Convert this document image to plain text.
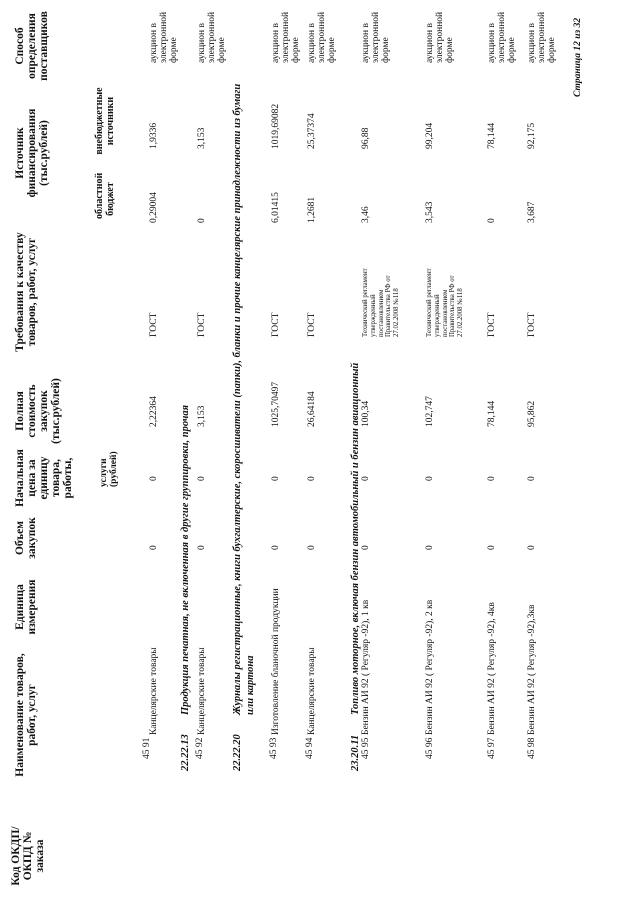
Код ОКДП/ ОКПД № заказа
Наименование товаров, работ, услуг
Единица измерения
Объем закупок
Начальная цена за единицу товара, работы,	услуги (рублей)
Полная стоимость закупок (тыс.рублей)
Требования к качеству товаров, работ, услуг
Источник финансирования (тыс.рублей)
областной бюджет
внебюджетные источники
Способ определения поставщиков
45 91
Канцелярские товары
0
0
2,22364
ГОСТ
0,29004
1,9336
аукцион в электронной форме
22.22.13
Продукция печатная, не включенная в другие группировки, прочая
45 92
Канцелярские товары
0
0
3,153
ГОСТ
0
3,153
аукцион в электронной форме
22.22.20
Журналы регистрационные, книги бухгалтерские, скоросшиватели (папки), бланки и прочие канцелярские принадлежности из бумаги или картона
45 93
Изготовление бланочной продукции
0
0
1025,70497
ГОСТ
6,01415
1019,69082
аукцион в электронной форме
45 94
Канцелярские товары
0
0
26,64184
ГОСТ
1,2681
25,37374
аукцион в электронной форме
23.20.11
Топливо моторное, включая бензин автомобильный и бензин авиационный
45 95
Бензин АИ 92 ( Регуляр -92), 1 кв
0
0
100,34
Технический регламент утвержденный постановлением Правительства РФ от 27.02.2008 №118
3,46
96,88
аукцион в электронной форме
45 96
Бензин АИ 92 ( Регуляр -92), 2 кв
0
0
102,747
Технический регламент утвержденный постановлением Правительства РФ от 27.02.2008 №118
3,543
99,204
аукцион в электронной форме
45 97
Бензин АИ 92 ( Регуляр -92), 4кв
0
0
78,144
ГОСТ
0
78,144
аукцион в электронной форме
45 98
Бензин АИ 92 ( Регуляр -92),3кв
0
0
95,862
ГОСТ
3,687
92,175
аукцион в электронной форме Страница 12 из 32
